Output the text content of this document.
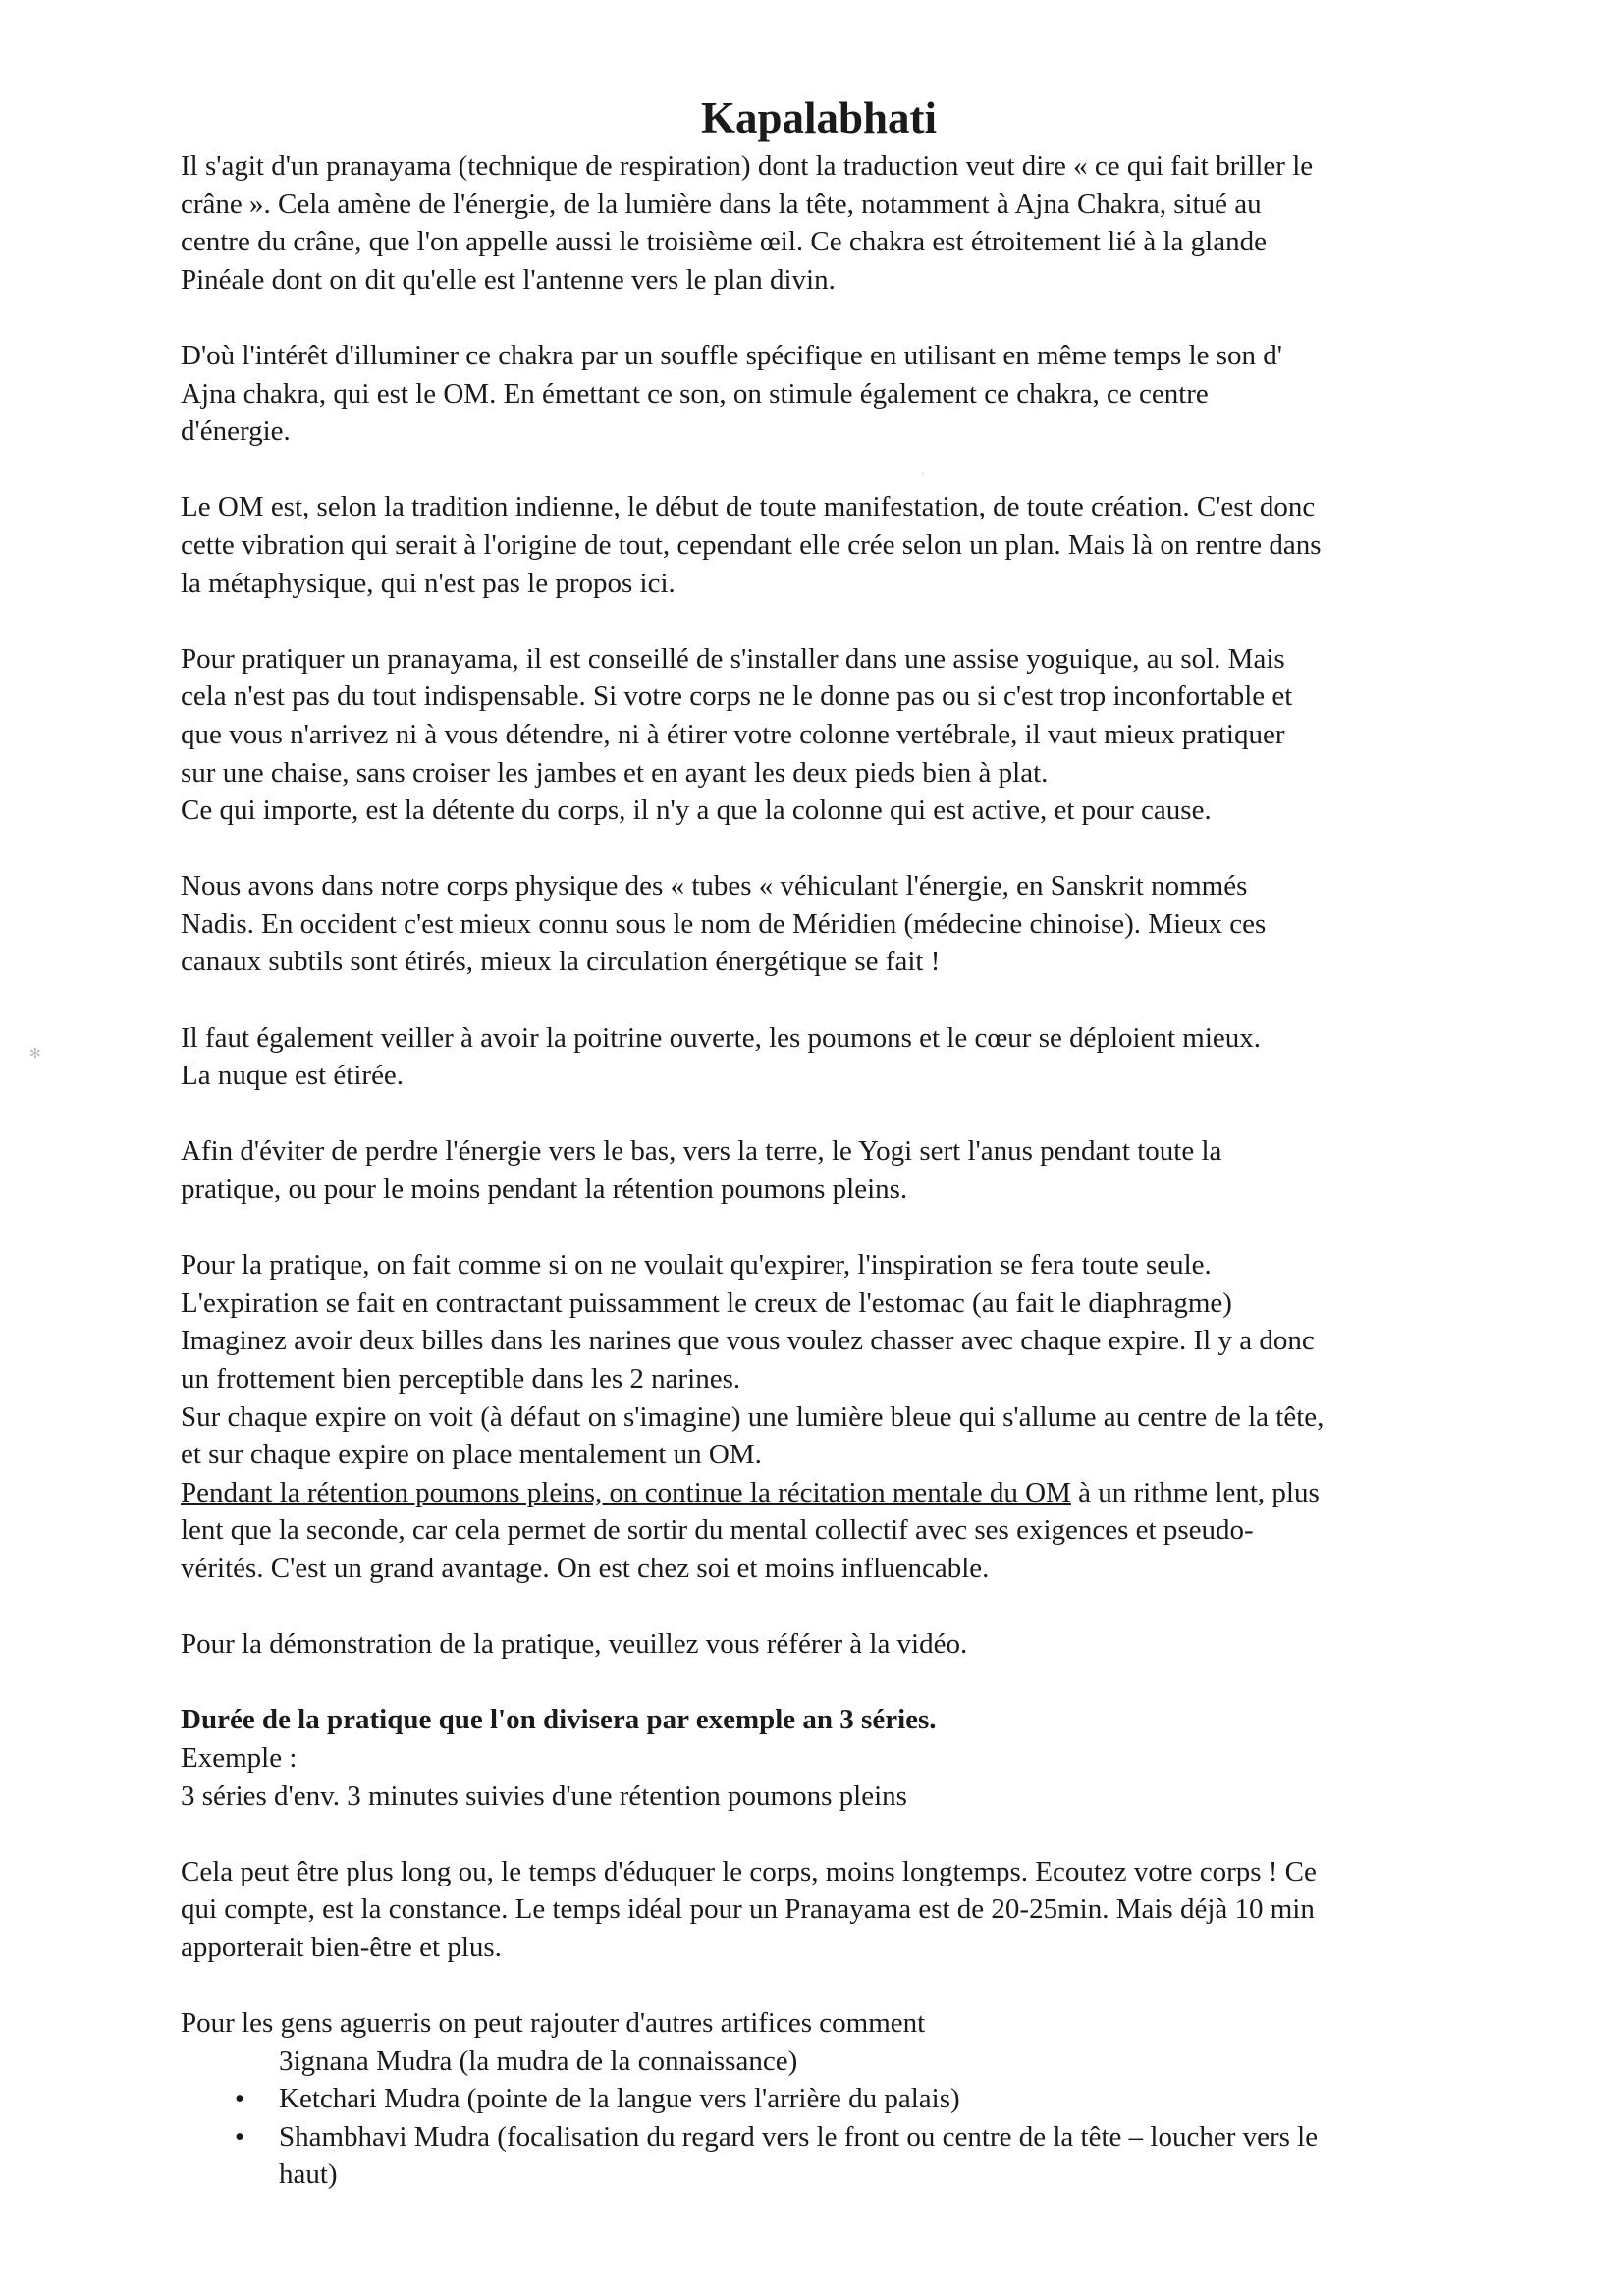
Kapalabhati

Il s'agit d'un pranayama (technique de respiration) dont la traduction veut dire « ce qui fait briller le
crâne ». Cela amène de l'énergie, de la lumière dans la tête, notamment à Ajna Chakra, situé au
centre du crâne, que l'on appelle aussi le troisième œil. Ce chakra est étroitement lié à la glande
Pinéale dont on dit qu'elle est l'antenne vers le plan divin.

D'où l'intérêt d'illuminer ce chakra par un souffle spécifique en utilisant en même temps le son d'
Ajna chakra, qui est le OM. En émettant ce son, on stimule également ce chakra, ce centre
d'énergie.

Le OM est, selon la tradition indienne, le début de toute manifestation, de toute création. C'est donc
cette vibration qui serait à l'origine de tout, cependant elle crée selon un plan. Mais là on rentre dans
la métaphysique, qui n'est pas le propos ici.

Pour pratiquer un pranayama, il est conseillé de s'installer dans une assise yoguique, au sol. Mais
cela n'est pas du tout indispensable. Si votre corps ne le donne pas ou si c'est trop inconfortable et
que vous n'arrivez ni à vous détendre, ni à étirer votre colonne vertébrale, il vaut mieux pratiquer
sur une chaise, sans croiser les jambes et en ayant les deux pieds bien à plat.
Ce qui importe, est la détente du corps, il n'y a que la colonne qui est active, et pour cause.

Nous avons dans notre corps physique des « tubes « véhiculant l'énergie, en Sanskrit nommés
Nadis. En occident c'est mieux connu sous le nom de Méridien (médecine chinoise). Mieux ces
canaux subtils sont étirés, mieux la circulation énergétique se fait !

Il faut également veiller à avoir la poitrine ouverte, les poumons et le cœur se déploient mieux.
La nuque est étirée.

Afin d'éviter de perdre l'énergie vers le bas, vers la terre, le Yogi sert l'anus pendant toute la
pratique, ou pour le moins pendant la rétention poumons pleins.

Pour la pratique, on fait comme si on ne voulait qu'expirer, l'inspiration se fera toute seule.
L'expiration se fait en contractant puissamment le creux de l'estomac (au fait le diaphragme)
Imaginez avoir deux billes dans les narines que vous voulez chasser avec chaque expire. Il y a donc
un frottement bien perceptible dans les 2 narines.
Sur chaque expire on voit (à défaut on s'imagine) une lumière bleue qui s'allume au centre de la tête,
et sur chaque expire on place mentalement un OM.

Pendant la rétention poumons pleins, on continue la récitation mentale du OM à un rithme lent, plus
lent que la seconde, car cela permet de sortir du mental collectif avec ses exigences et pseudo-
vérités. C'est un grand avantage. On est chez soi et moins influencable.

Pour la démonstration de la pratique, veuillez vous référer à la vidéo.

Durée de la pratique que l'on divisera par exemple an 3 séries.

Exemple :

3 séries d'env. 3 minutes suivies d'une rétention poumons pleins

Cela peut être plus long ou, le temps d'éduquer le corps, moins longtemps. Ecoutez votre corps ! Ce
qui compte, est la constance. Le temps idéal pour un Pranayama est de 20-25min. Mais déjà 10 min
apporterait bien-être et plus.

Pour les gens aguerris on peut rajouter d'autres artifices comment

3ignana Mudra (la mudra de la connaissance)
• Ketchari Mudra (pointe de la langue vers l'arrière du palais)
• Shambhavi Mudra (focalisation du regard vers le front ou centre de la tête – loucher vers le
haut)
✻
·
